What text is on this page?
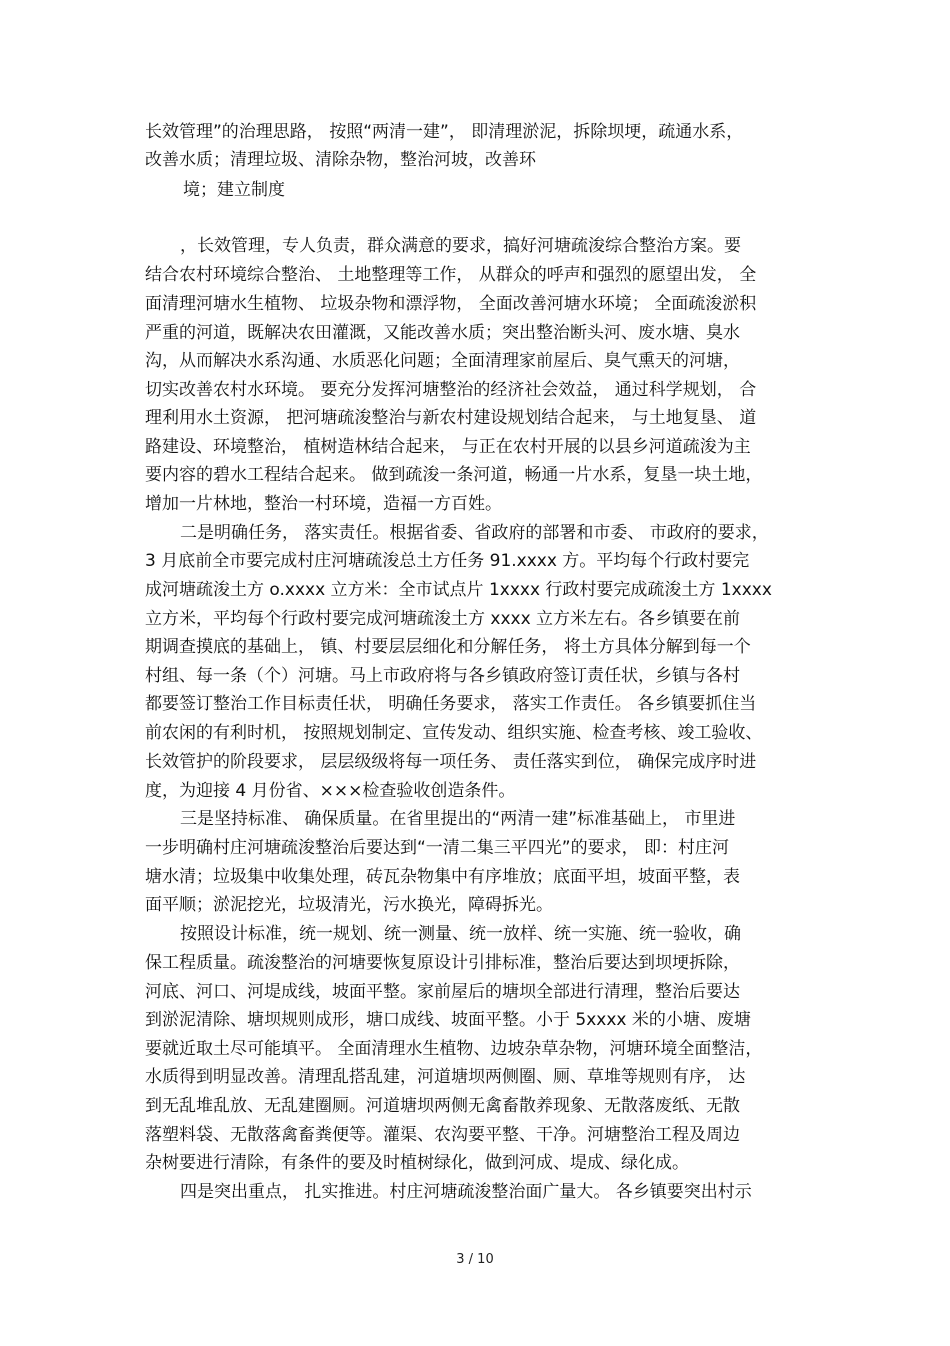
长效管理”的治理思路， 按照“两清一建”， 即清理淤泥，拆除坝埂，疏通水系，
改善水质；清理垃圾、清除杂物，整治河坡，改善环
境；建立制度
，长效管理，专人负责，群众满意的要求，搞好河塘疏浚综合整治方案。要
结合农村环境综合整治、 土地整理等工作， 从群众的呼声和强烈的愿望出发， 全
面清理河塘水生植物、 垃圾杂物和漂浮物， 全面改善河塘水环境； 全面疏浚淤积
严重的河道，既解决农田灌溉，又能改善水质；突出整治断头河、废水塘、臭水
沟，从而解决水系沟通、水质恶化问题；全面清理家前屋后、臭气熏天的河塘，
切实改善农村水环境。 要充分发挥河塘整治的经济社会效益， 通过科学规划， 合
理利用水土资源， 把河塘疏浚整治与新农村建设规划结合起来， 与土地复垦、 道
路建设、环境整治， 植树造林结合起来， 与正在农村开展的以县乡河道疏浚为主
要内容的碧水工程结合起来。 做到疏浚一条河道，畅通一片水系，复垦一块土地，
增加一片林地，整治一村环境，造福一方百姓。
二是明确任务， 落实责任。根据省委、省政府的部署和市委、 市政府的要求，
3 月底前全市要完成村庄河塘疏浚总土方任务 91.xxxx 方。平均每个行政村要完
成河塘疏浚土方 o.xxxx 立方米：全市试点片 1xxxx 行政村要完成疏浚土方 1xxxx
立方米，平均每个行政村要完成河塘疏浚土方 xxxx 立方米左右。各乡镇要在前
期调查摸底的基础上， 镇、村要层层细化和分解任务， 将土方具体分解到每一个
村组、每一条（个）河塘。马上市政府将与各乡镇政府签订责任状，乡镇与各村
都要签订整治工作目标责任状， 明确任务要求， 落实工作责任。 各乡镇要抓住当
前农闲的有利时机， 按照规划制定、宣传发动、组织实施、检查考核、竣工验收、
长效管护的阶段要求， 层层级级将每一项任务、 责任落实到位， 确保完成序时进
度，为迎接 4 月份省、×××检查验收创造条件。
三是坚持标准、 确保质量。在省里提出的“两清一建”标准基础上， 市里进
一步明确村庄河塘疏浚整治后要达到“一清二集三平四光”的要求， 即：村庄河
塘水清；垃圾集中收集处理，砖瓦杂物集中有序堆放；底面平坦，坡面平整，表
面平顺；淤泥挖光，垃圾清光，污水换光，障碍拆光。
按照设计标准，统一规划、统一测量、统一放样、统一实施、统一验收，确
保工程质量。疏浚整治的河塘要恢复原设计引排标准，整治后要达到坝埂拆除，
河底、河口、河堤成线，坡面平整。家前屋后的塘坝全部进行清理，整治后要达
到淤泥清除、塘坝规则成形，塘口成线、坡面平整。小于 5xxxx 米的小塘、废塘
要就近取土尽可能填平。 全面清理水生植物、边坡杂草杂物，河塘环境全面整洁，
水质得到明显改善。清理乱搭乱建，河道塘坝两侧圈、厕、草堆等规则有序， 达
到无乱堆乱放、无乱建圈厕。河道塘坝两侧无禽畜散养现象、无散落废纸、无散
落塑料袋、无散落禽畜粪便等。灌渠、农沟要平整、干净。河塘整治工程及周边
杂树要进行清除，有条件的要及时植树绿化，做到河成、堤成、绿化成。
四是突出重点， 扎实推进。村庄河塘疏浚整治面广量大。 各乡镇要突出村示
3 / 10
